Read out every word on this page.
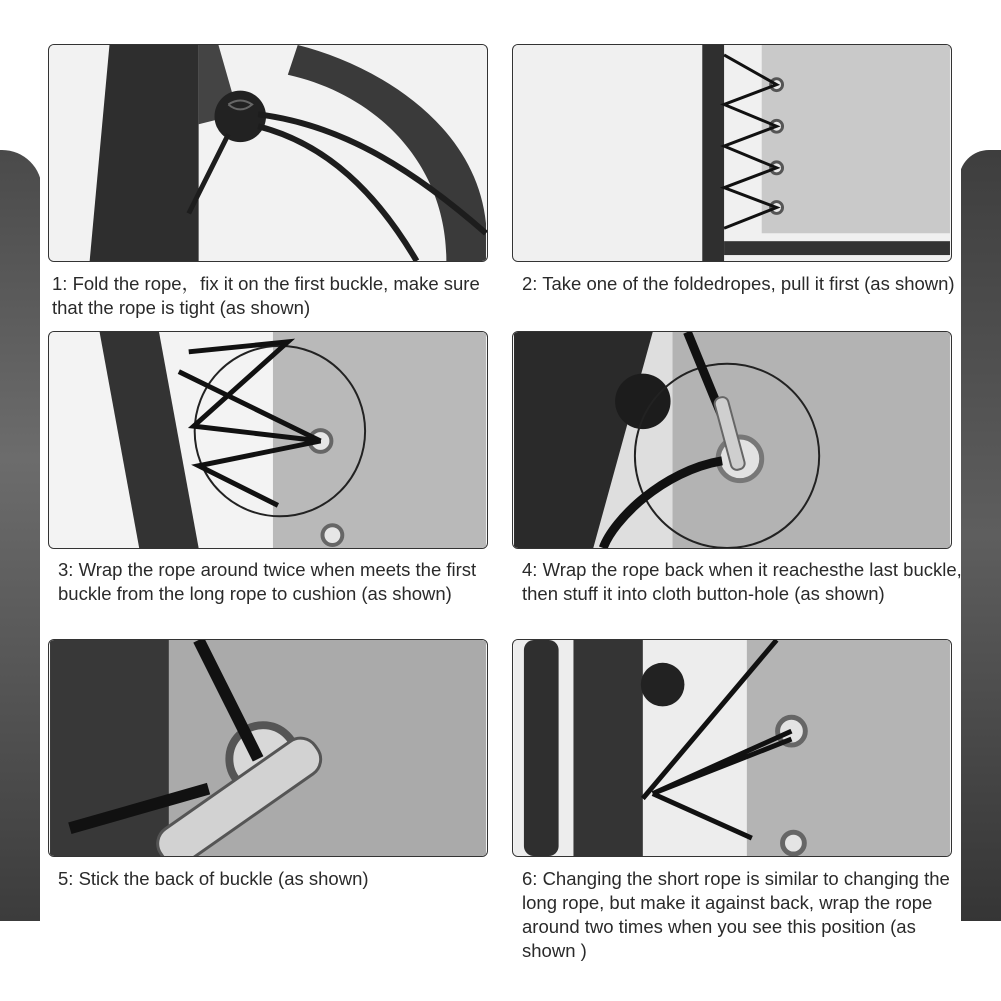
1: Fold the rope，fix it on the first buckle, make sure that the rope is tight (as shown)
2: Take one of the foldedropes, pull it first (as shown)
3: Wrap the rope around twice when meets the first buckle from the long rope to cushion (as shown)
4: Wrap the rope back when it reachesthe last buckle, then stuff it into cloth button-hole (as shown)
5: Stick the back of buckle (as shown)	6: Changing the short rope is similar to changing the long rope, but make it against back, wrap the rope around two times when you see this position (as shown )
